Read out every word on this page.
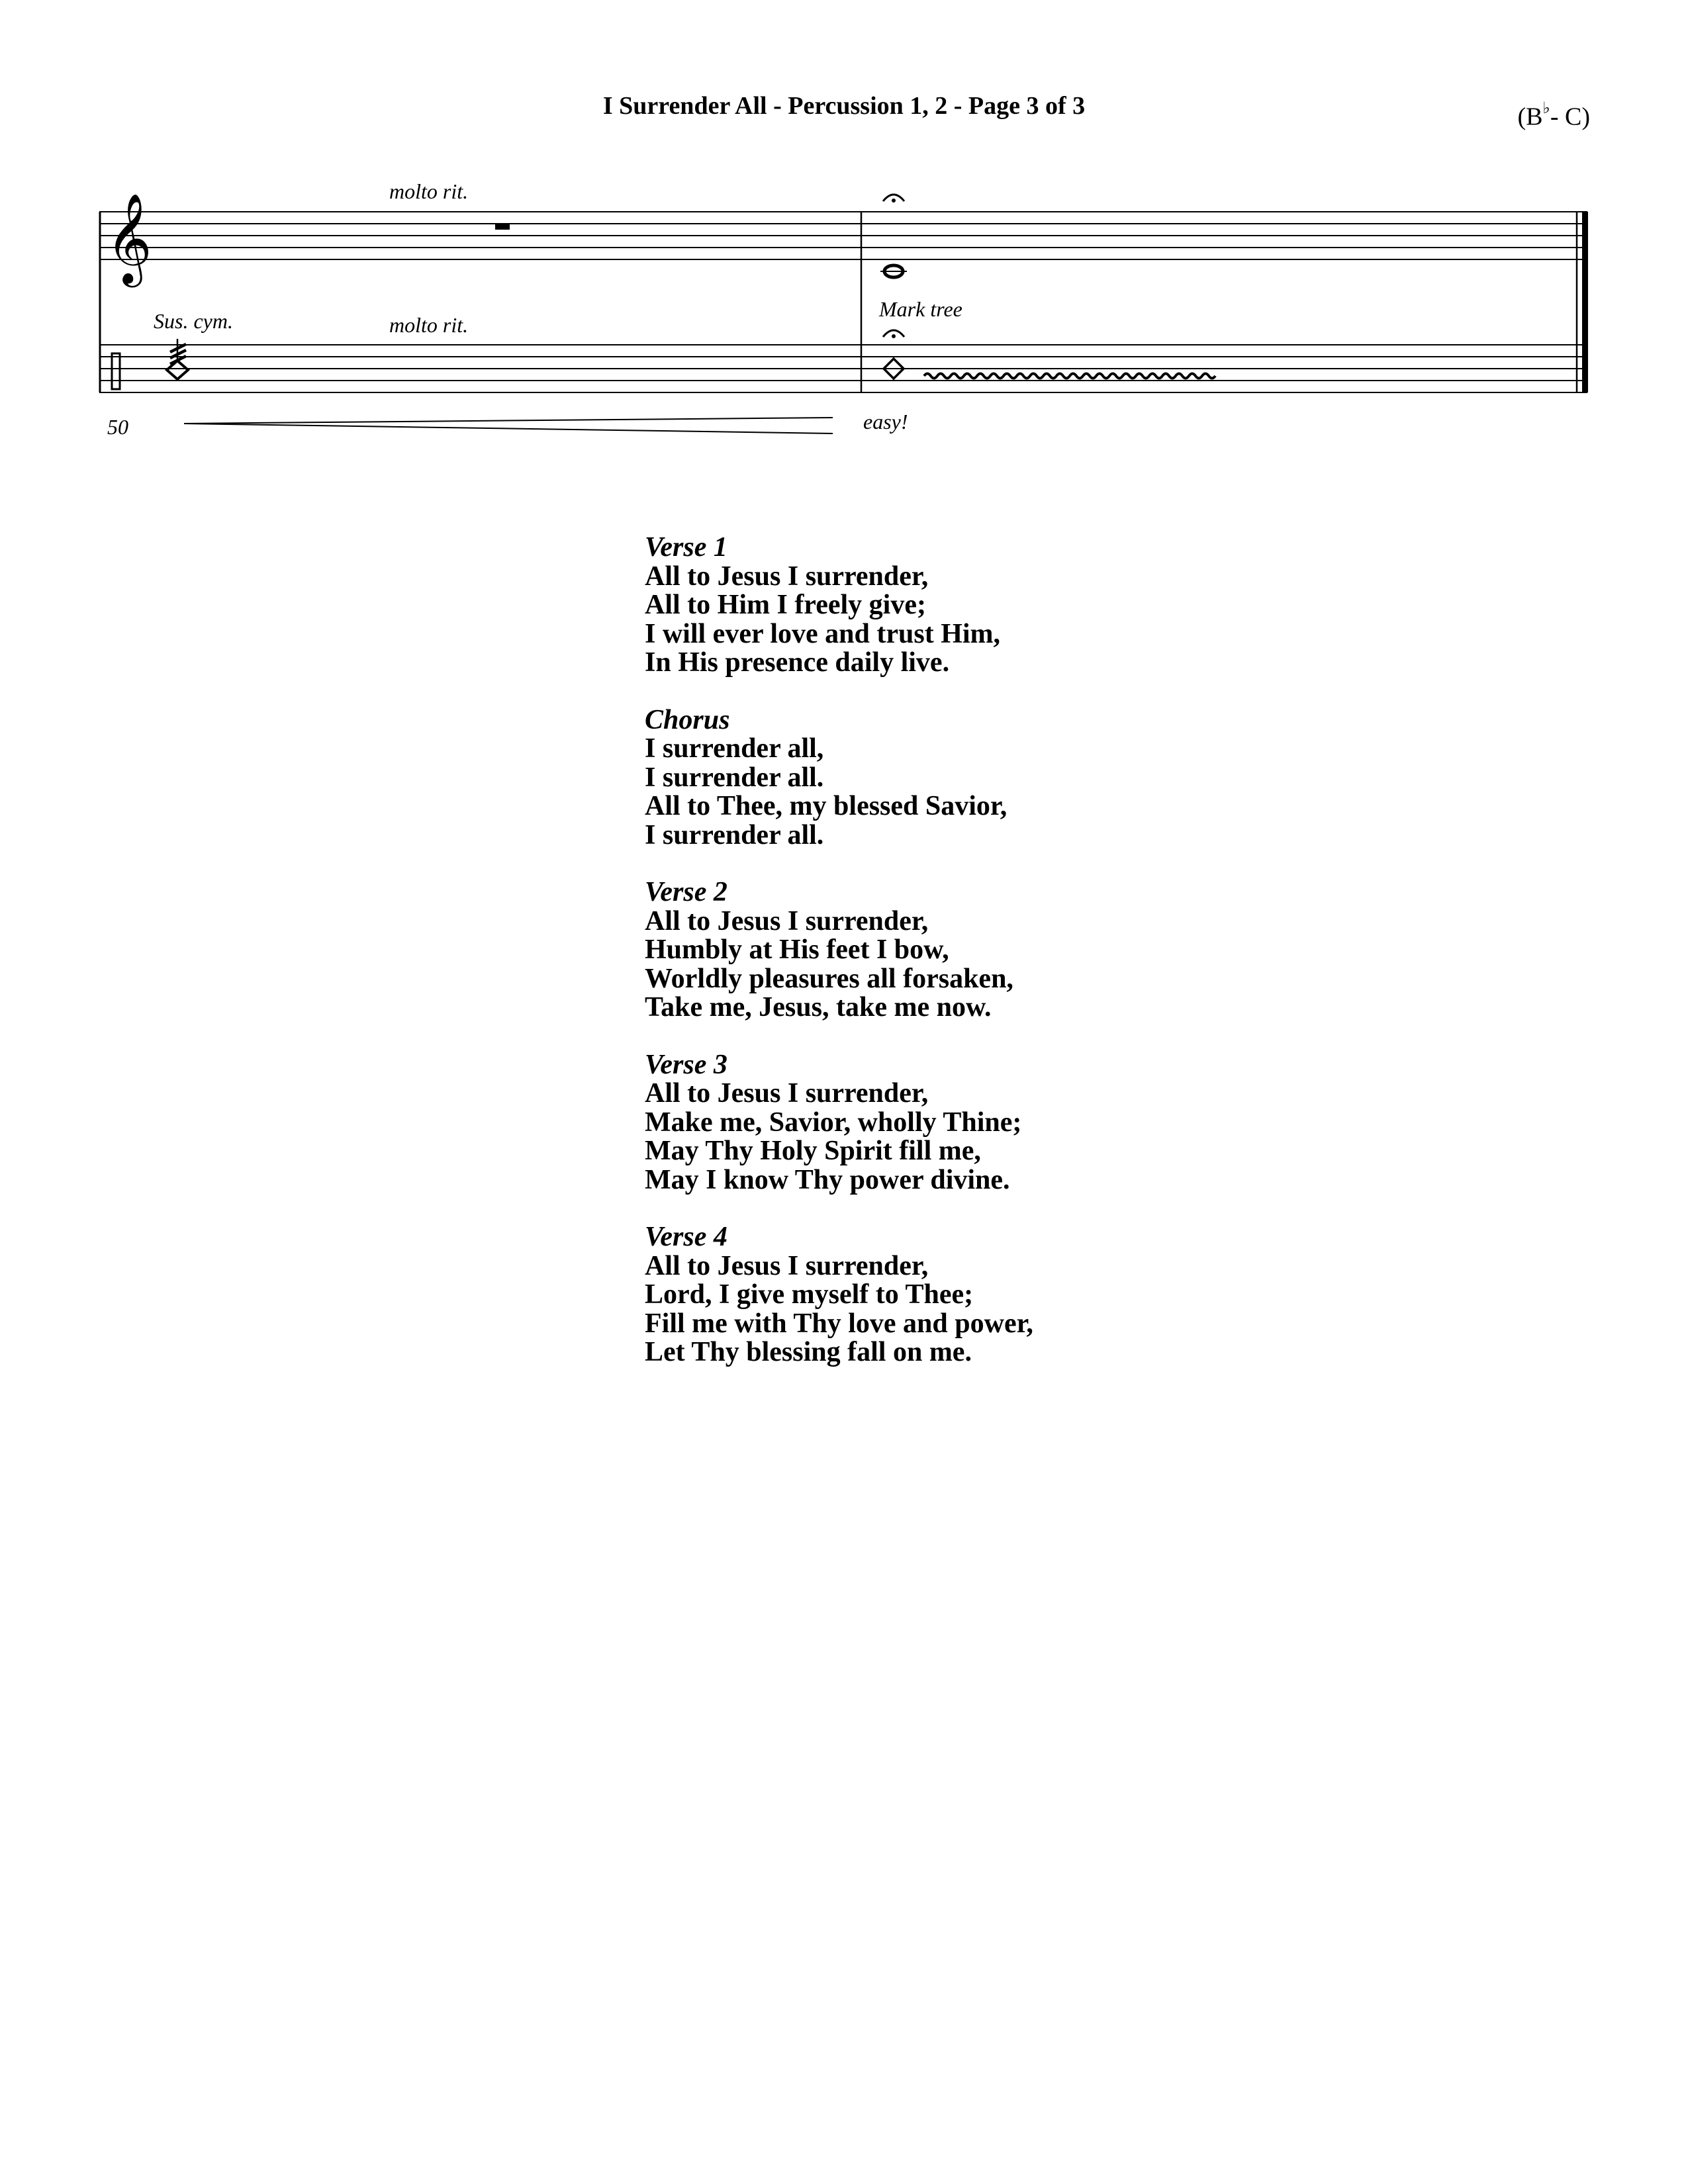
I Surrender All - Percussion 1, 2 - Page 3 of 3	(B♭- C)
𝄞
molto rit.
Sus. cym.	molto rit.
Mark tree
50	easy!
Verse 1
All to Jesus I surrender,
All to Him I freely give;
I will ever love and trust Him,
In His presence daily live.
Chorus
I surrender all,
I surrender all.
All to Thee, my blessed Savior,
I surrender all.
Verse 2
All to Jesus I surrender,
Humbly at His feet I bow,
Worldly pleasures all forsaken,
Take me, Jesus, take me now.
Verse 3
All to Jesus I surrender,
Make me, Savior, wholly Thine;
May Thy Holy Spirit fill me,
May I know Thy power divine.
Verse 4
All to Jesus I surrender,
Lord, I give myself to Thee;
Fill me with Thy love and power,
Let Thy blessing fall on me.
